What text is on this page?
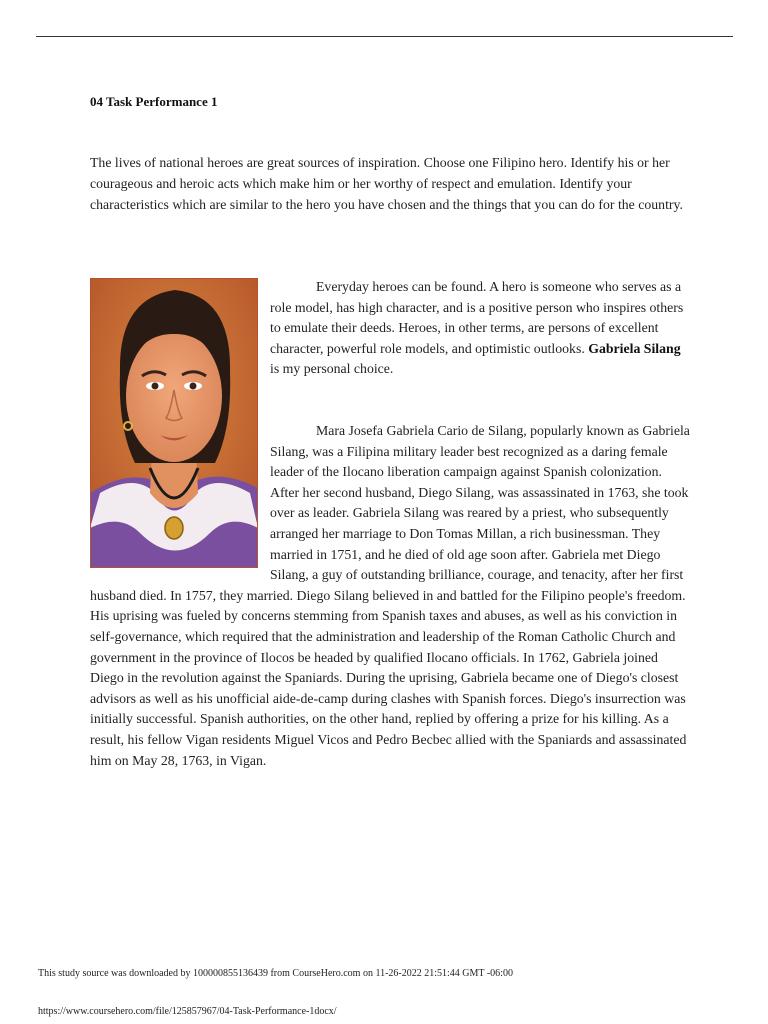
04 Task Performance 1

The lives of national heroes are great sources of inspiration. Choose one Filipino hero. Identify his or her courageous and heroic acts which make him or her worthy of respect and emulation. Identify your characteristics which are similar to the hero you have chosen and the things that you can do for the country.

Everyday heroes can be found. A hero is someone who serves as a role model, has high character, and is a positive person who inspires others to emulate their deeds. Heroes, in other terms, are persons of excellent character, powerful role models, and optimistic outlooks. Gabriela Silang is my personal choice.

Mara Josefa Gabriela Cario de Silang, popularly known as Gabriela Silang, was a Filipina military leader best recognized as a daring female leader of the Ilocano liberation campaign against Spanish colonization. After her second husband, Diego Silang, was assassinated in 1763, she took over as leader. Gabriela Silang was reared by a priest, who subsequently arranged her marriage to Don Tomas Millan, a rich businessman. They married in 1751, and he died of old age soon after. Gabriela met Diego Silang, a guy of outstanding brilliance, courage, and tenacity, after her first husband died. In 1757, they married. Diego Silang believed in and battled for the Filipino people's freedom. His uprising was fueled by concerns stemming from Spanish taxes and abuses, as well as his conviction in self-governance, which required that the administration and leadership of the Roman Catholic Church and government in the province of Ilocos be headed by qualified Ilocano officials. In 1762, Gabriela joined Diego in the revolution against the Spaniards. During the uprising, Gabriela became one of Diego's closest advisors as well as his unofficial aide-de-camp during clashes with Spanish forces. Diego's insurrection was initially successful. Spanish authorities, on the other hand, replied by offering a prize for his killing. As a result, his fellow Vigan residents Miguel Vicos and Pedro Becbec allied with the Spaniards and assassinated him on May 28, 1763, in Vigan.
This study source was downloaded by 100000855136439 from CourseHero.com on 11-26-2022 21:51:44 GMT -06:00
https://www.coursehero.com/file/125857967/04-Task-Performance-1docx/
